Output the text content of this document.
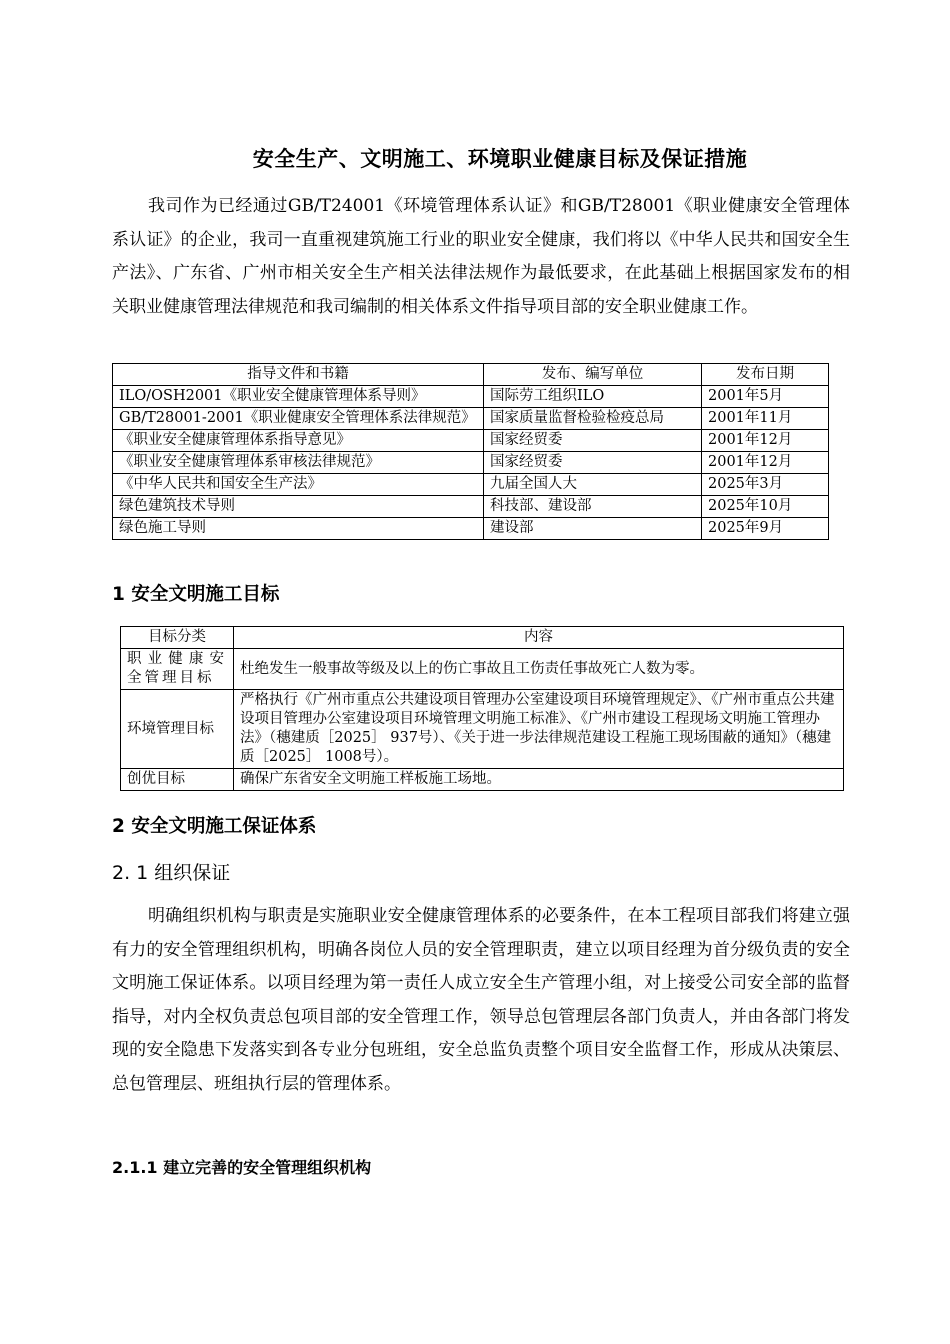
安全生产、文明施工、环境职业健康目标及保证措施
我司作为已经通过GB/T24001《环境管理体系认证》和GB/T28001《职业健康安全管理体系认证》的企业，我司一直重视建筑施工行业的职业安全健康，我们将以《中华人民共和国安全生产法》、广东省、广州市相关安全生产相关法律法规作为最低要求，在此基础上根据国家发布的相关职业健康管理法律规范和我司编制的相关体系文件指导项目部的安全职业健康工作。
指导文件和书籍	发布、编写单位	发布日期
ILO/OSH2001《职业安全健康管理体系导则》	国际劳工组织ILO	2001年5月
GB/T28001-2001《职业健康安全管理体系法律规范》	国家质量监督检验检疫总局	2001年11月
《职业安全健康管理体系指导意见》	国家经贸委	2001年12月
《职业安全健康管理体系审核法律规范》	国家经贸委	2001年12月
《中华人民共和国安全生产法》	九届全国人大	2025年3月
绿色建筑技术导则	科技部、建设部	2025年10月
绿色施工导则	建设部	2025年9月
1 安全文明施工目标
目标分类	内容
职业健康安全管理目标	杜绝发生一般事故等级及以上的伤亡事故且工伤责任事故死亡人数为零。
环境管理目标	严格执行《广州市重点公共建设项目管理办公室建设项目环境管理规定》、《广州市重点公共建设项目管理办公室建设项目环境管理文明施工标准》、《广州市建设工程现场文明施工管理办法》（穗建质［2025］ 937号）、《关于进一步法律规范建设工程施工现场围蔽的通知》（穗建质［2025］ 1008号）。
创优目标	确保广东省安全文明施工样板施工场地。
2 安全文明施工保证体系
2. 1 组织保证
明确组织机构与职责是实施职业安全健康管理体系的必要条件，在本工程项目部我们将建立强有力的安全管理组织机构，明确各岗位人员的安全管理职责，建立以项目经理为首分级负责的安全文明施工保证体系。以项目经理为第一责任人成立安全生产管理小组，对上接受公司安全部的监督指导，对内全权负责总包项目部的安全管理工作，领导总包管理层各部门负责人，并由各部门将发现的安全隐患下发落实到各专业分包班组，安全总监负责整个项目安全监督工作，形成从决策层、总包管理层、班组执行层的管理体系。
2.1.1 建立完善的安全管理组织机构
